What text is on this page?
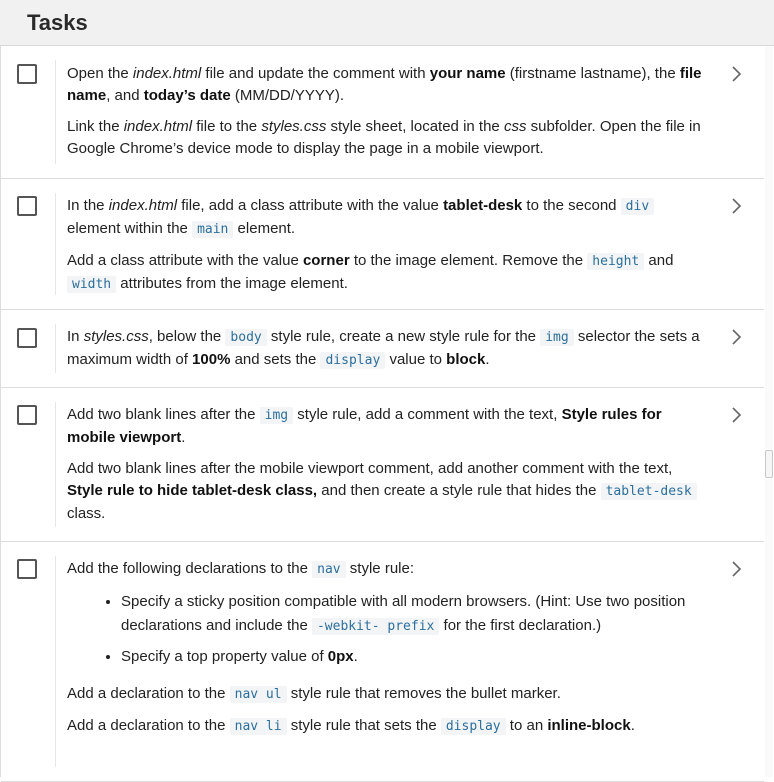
Tasks

Open the index.html file and update the comment with your name (firstname lastname), the file name, and today’s date (MM/DD/YYYY).

Link the index.html file to the styles.css style sheet, located in the css subfolder. Open the file in Google Chrome’s device mode to display the page in a mobile viewport.

In the index.html file, add a class attribute with the value tablet-desk to the second div element within the main element.

Add a class attribute with the value corner to the image element. Remove the height and width attributes from the image element.

In styles.css, below the body style rule, create a new style rule for the img selector the sets a maximum width of 100% and sets the display value to block.

Add two blank lines after the img style rule, add a comment with the text, Style rules for mobile viewport.

Add two blank lines after the mobile viewport comment, add another comment with the text, Style rule to hide tablet-desk class, and then create a style rule that hides the tablet-desk class.

Add the following declarations to the nav style rule:

• Specify a sticky position compatible with all modern browsers. (Hint: Use two position declarations and include the -webkit- prefix for the first declaration.)
• Specify a top property value of 0px.

Add a declaration to the nav ul style rule that removes the bullet marker.

Add a declaration to the nav li style rule that sets the display to an inline-block.
